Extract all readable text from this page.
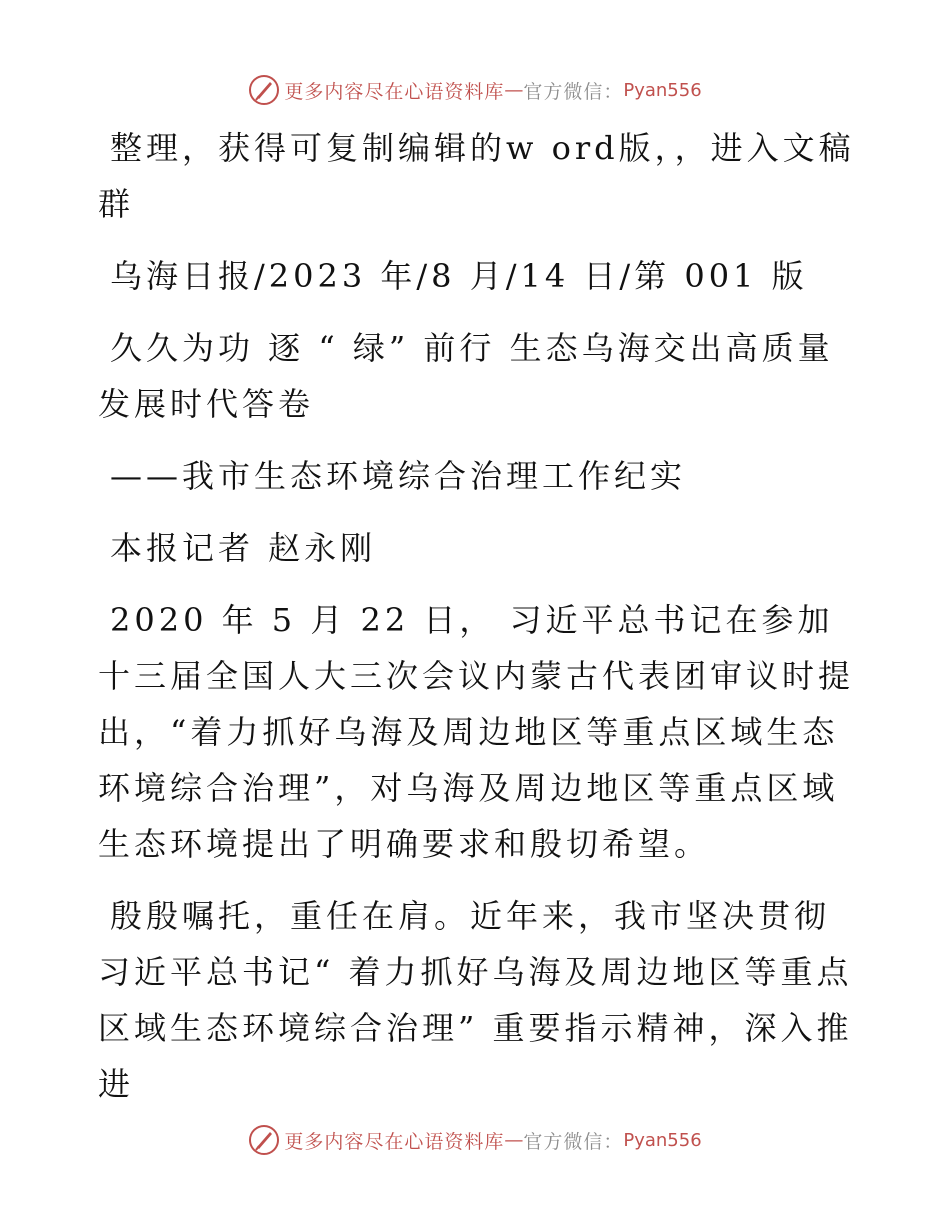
更多内容尽在心语资料库 — 官方微信： Pyan556

整理，获得可复制编辑的w ord版，，进入文稿群

乌海日报/2023 年/8 月/14 日/第 001 版

久久为功 逐 “ 绿” 前行 生态乌海交出高质量发展时代答卷

——我市生态环境综合治理工作纪实

本报记者 赵永刚

2020 年 5 月 22 日， 习近平总书记在参加十三届全国人大三次会议内蒙古代表团审议时提出，“着力抓好乌海及周边地区等重点区域生态环境综合治理”，对乌海及周边地区等重点区域生态环境提出了明确要求和殷切希望。

殷殷嘱托，重任在肩。近年来，我市坚决贯彻习近平总书记“ 着力抓好乌海及周边地区等重点区域生态环境综合治理” 重要指示精神，深入推进

更多内容尽在心语资料库 — 官方微信： Pyan556
